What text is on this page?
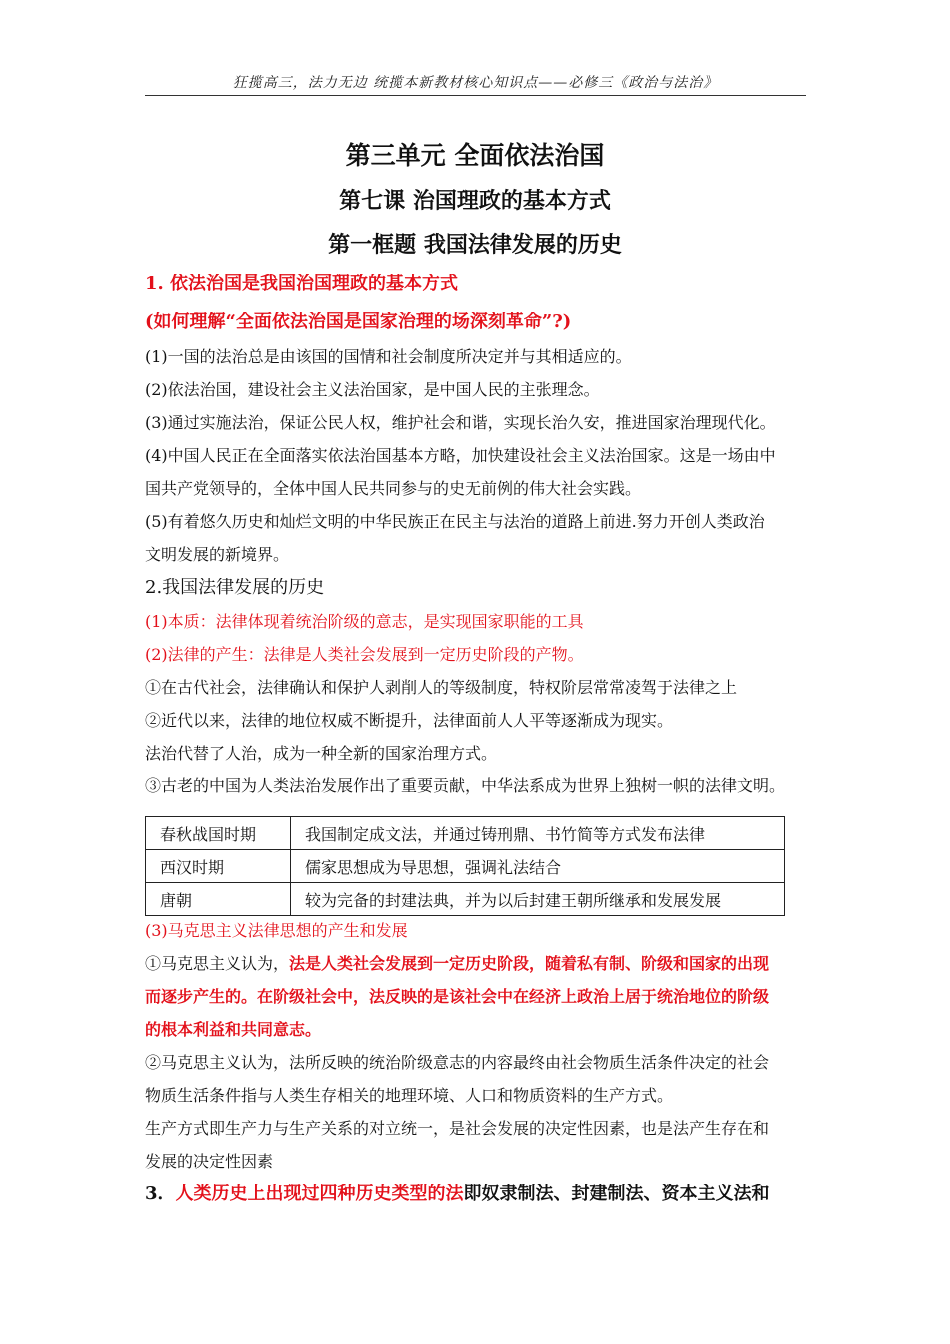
狂揽高三，法力无边 统揽本新教材核心知识点——必修三《政治与法治》
第三单元 全面依法治国
第七课 治国理政的基本方式
第一框题 我国法律发展的历史
1. 依法治国是我国治国理政的基本方式
(如何理解“全面依法治国是国家治理的场深刻革命”?)
(1)一国的法治总是由该国的国情和社会制度所决定并与其相适应的。
(2)依法治国，建设社会主义法治国家，是中国人民的主张理念。
(3)通过实施法治，保证公民人权，维护社会和谐，实现长治久安，推进国家治理现代化。
(4)中国人民正在全面落实依法治国基本方略，加快建设社会主义法治国家。这是一场由中
国共产党领导的，全体中国人民共同参与的史无前例的伟大社会实践。
(5)有着悠久历史和灿烂文明的中华民族正在民主与法治的道路上前进.努力开创人类政治
文明发展的新境界。
2.我国法律发展的历史
(1)本质：法律体现着统治阶级的意志，是实现国家职能的工具
(2)法律的产生：法律是人类社会发展到一定历史阶段的产物。
①在古代社会，法律确认和保护人剥削人的等级制度，特权阶层常常凌驾于法律之上
②近代以来，法律的地位权威不断提升，法律面前人人平等逐渐成为现实。
法治代替了人治，成为一种全新的国家治理方式。
③古老的中国为人类法治发展作出了重要贡献，中华法系成为世界上独树一帜的法律文明。
春秋战国时期	我国制定成文法，并通过铸刑鼎、书竹简等方式发布法律
西汉时期	儒家思想成为导思想，强调礼法结合
唐朝	较为完备的封建法典，并为以后封建王朝所继承和发展发展
(3)马克思主义法律思想的产生和发展
①马克思主义认为，法是人类社会发展到一定历史阶段，随着私有制、阶级和国家的出现
而逐步产生的。在阶级社会中，法反映的是该社会中在经济上政治上居于统治地位的阶级
的根本利益和共同意志。
②马克思主义认为，法所反映的统治阶级意志的内容最终由社会物质生活条件决定的社会
物质生活条件指与人类生存相关的地理环境、人口和物质资料的生产方式。
生产方式即生产力与生产关系的对立统一，是社会发展的决定性因素，也是法产生存在和
发展的决定性因素
3．人类历史上出现过四种历史类型的法即奴隶制法、封建制法、资本主义法和
